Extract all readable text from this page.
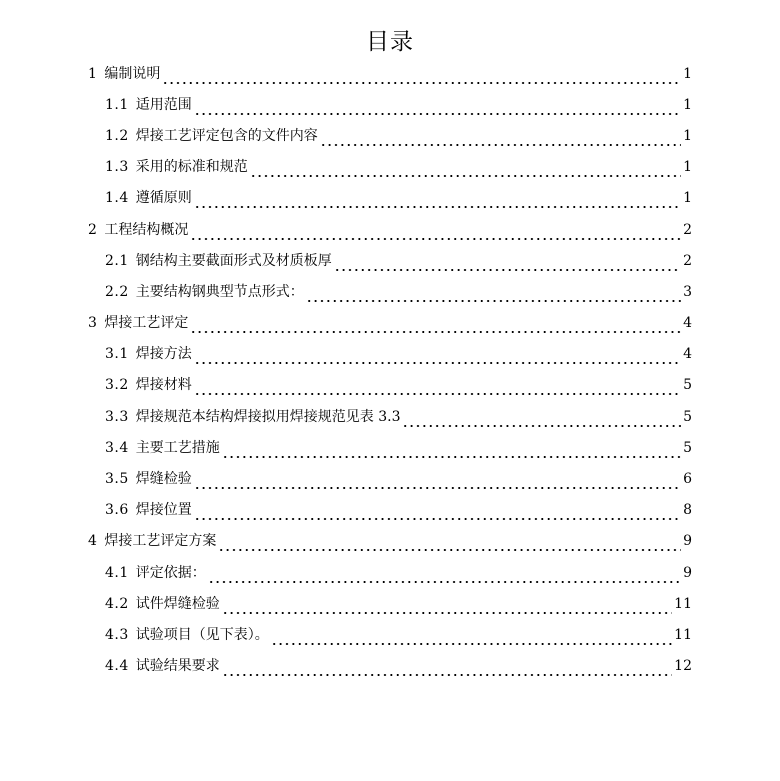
目录
1 编制说明	1
1.1 适用范围	1
1.2 焊接工艺评定包含的文件内容	1
1.3 采用的标准和规范	1
1.4 遵循原则	1
2 工程结构概况	2
2.1 钢结构主要截面形式及材质板厚	2
2.2 主要结构钢典型节点形式：	3
3 焊接工艺评定	4
3.1 焊接方法	4
3.2 焊接材料	5
3.3 焊接规范本结构焊接拟用焊接规范见表 3.3	5
3.4 主要工艺措施	5
3.5 焊缝检验	6
3.6 焊接位置	8
4 焊接工艺评定方案	9
4.1 评定依据：	9
4.2 试件焊缝检验	11
4.3 试验项目（见下表）。	11
4.4 试验结果要求	12
